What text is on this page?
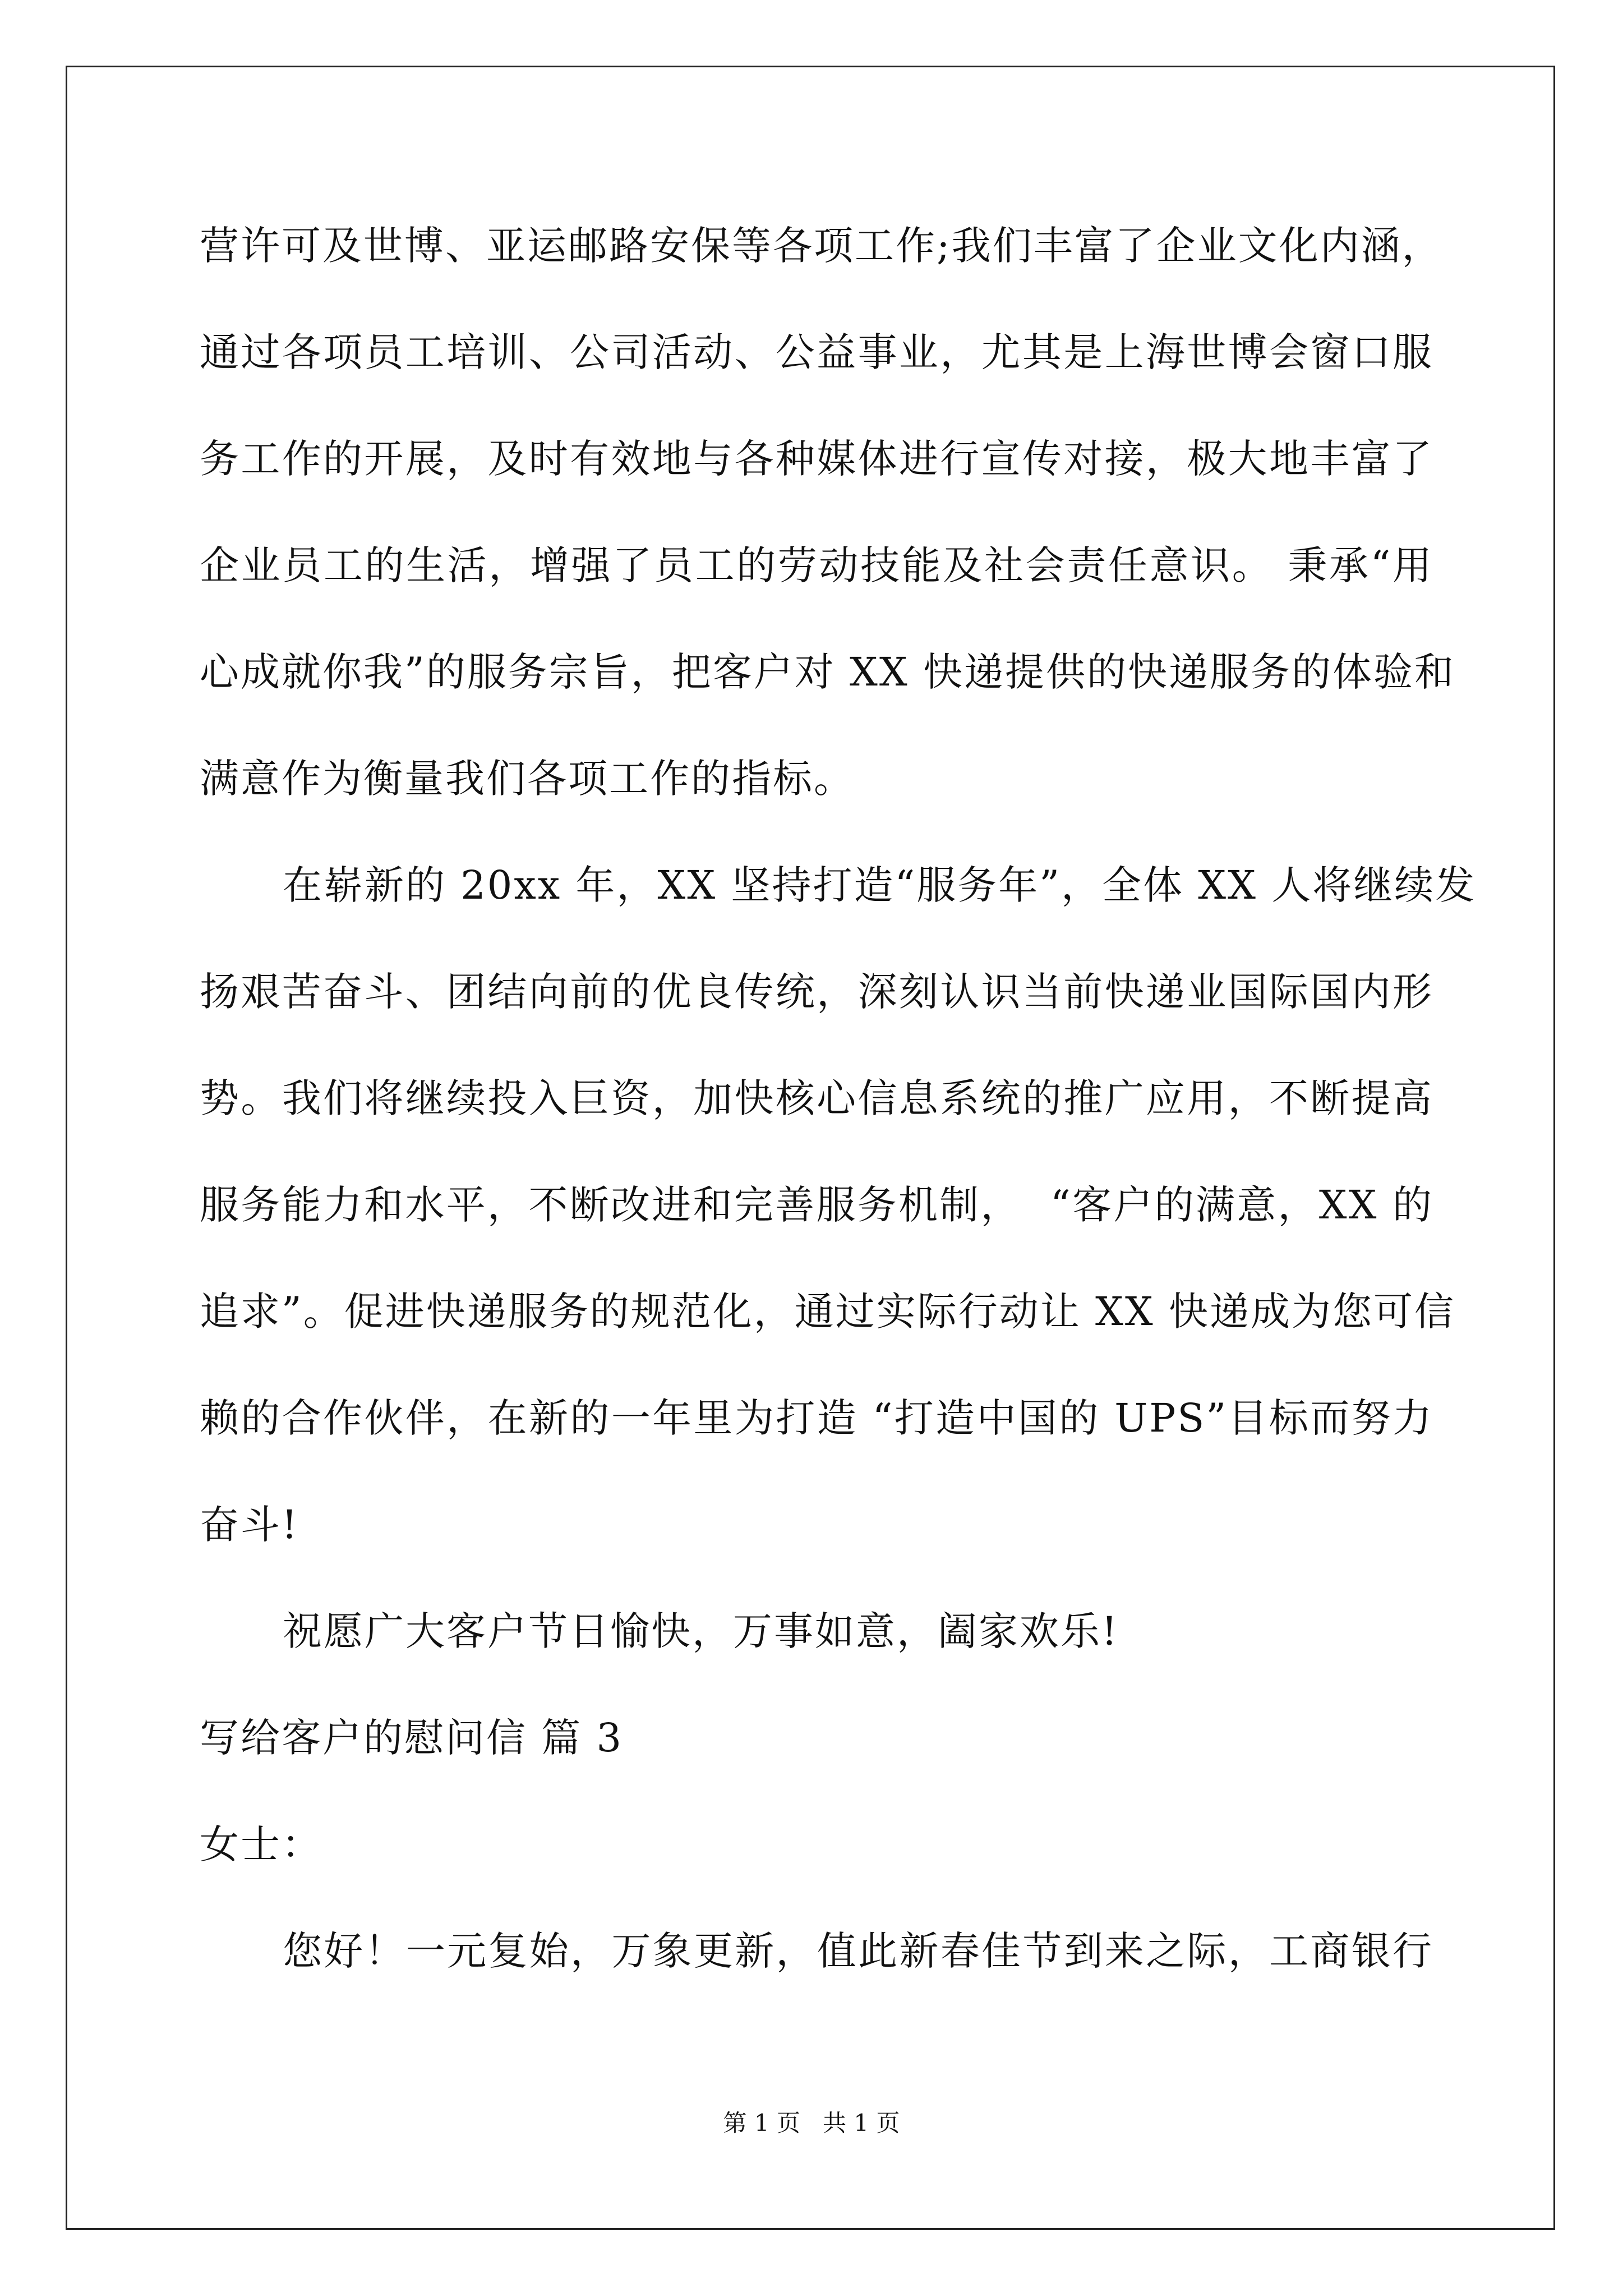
营许可及世博、亚运邮路安保等各项工作;我们丰富了企业文化内涵，
通过各项员工培训、公司活动、公益事业，尤其是上海世博会窗口服
务工作的开展，及时有效地与各种媒体进行宣传对接，极大地丰富了
企业员工的生活，增强了员工的劳动技能及社会责任意识。 秉承“用
心成就你我”的服务宗旨，把客户对 XX 快递提供的快递服务的体验和
满意作为衡量我们各项工作的指标。
在崭新的 20xx 年，XX 坚持打造“服务年”，全体 XX 人将继续发
扬艰苦奋斗、团结向前的优良传统，深刻认识当前快递业国际国内形
势。我们将继续投入巨资，加快核心信息系统的推广应用，不断提高
服务能力和水平，不断改进和完善服务机制，  “客户的满意，XX 的
追求”。促进快递服务的规范化，通过实际行动让 XX 快递成为您可信
赖的合作伙伴，在新的一年里为打造 “打造中国的 UPS”目标而努力
奋斗!
祝愿广大客户节日愉快，万事如意，阖家欢乐!
写给客户的慰问信 篇 3
女士：
您好！一元复始，万象更新，值此新春佳节到来之际，工商银行
第 1 页   共 1 页
